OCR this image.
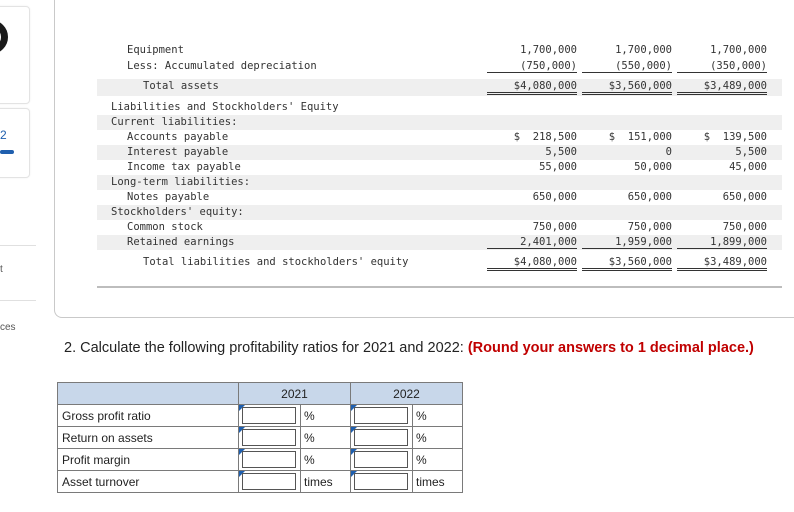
2
t
ces
Equipment	1,700,000	1,700,000	1,700,000
Less: Accumulated depreciation	(750,000)	(550,000)	(350,000)
Total assets	$4,080,000	$3,560,000	$3,489,000
Liabilities and Stockholders' Equity
Current liabilities:
Accounts payable	$  218,500	$  151,000	$  139,500
Interest payable	5,500	0	5,500
Income tax payable	55,000	50,000	45,000
Long-term liabilities:
Notes payable	650,000	650,000	650,000
Stockholders' equity:
Common stock	750,000	750,000	750,000
Retained earnings	2,401,000	1,959,000	1,899,000
Total liabilities and stockholders' equity	$4,080,000	$3,560,000	$3,489,000
2. Calculate the following profitability ratios for 2021 and 2022: (Round your answers to 1 decimal place.)
	2021		2022	
Gross profit ratio		%		%
Return on assets		%		%
Profit margin		%		%
Asset turnover		times		times
